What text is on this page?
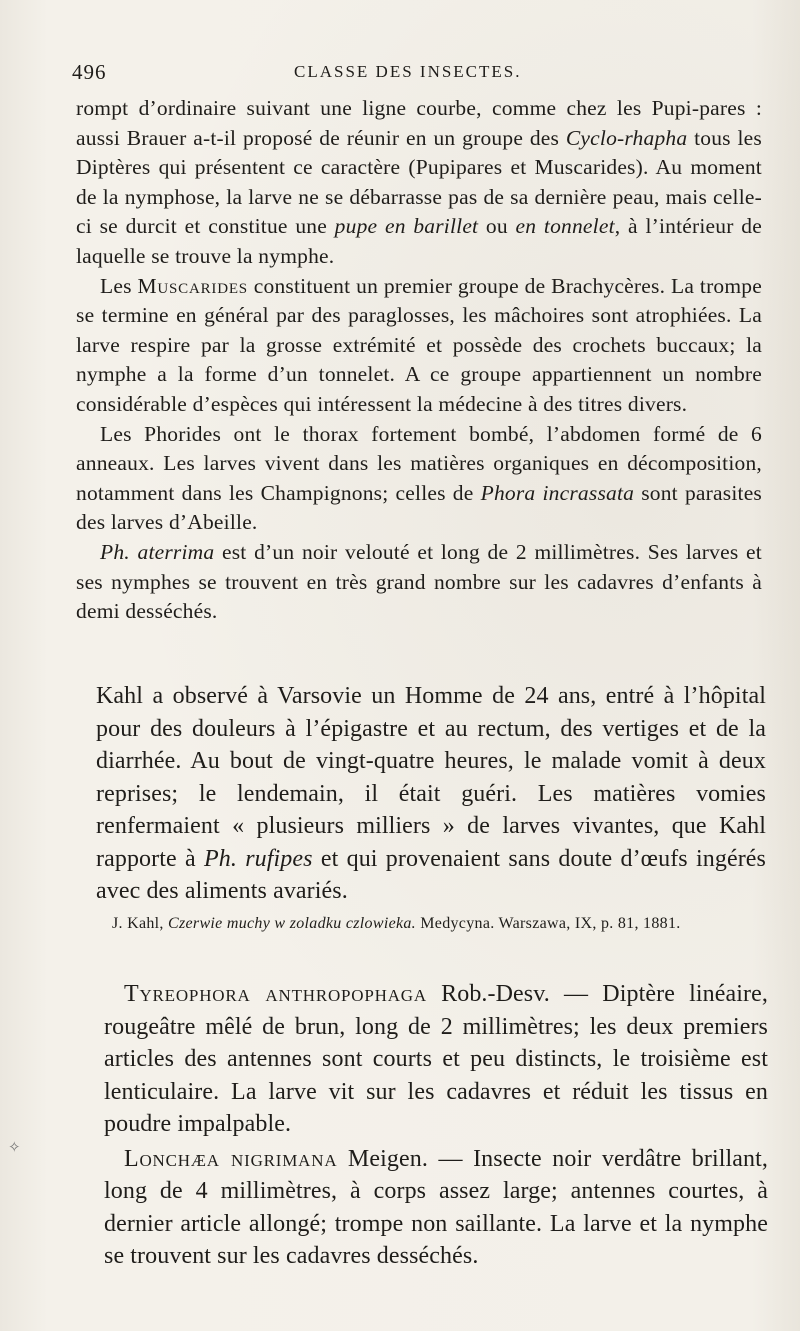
496	CLASSE DES INSECTES.

rompt d’ordinaire suivant une ligne courbe, comme chez les Pupi-pares : aussi Brauer a-t-il proposé de réunir en un groupe des Cyclo-rhapha tous les Diptères qui présentent ce caractère (Pupipares et Muscarides). Au moment de la nymphose, la larve ne se débarrasse pas de sa dernière peau, mais celle-ci se durcit et constitue une pupe en barillet ou en tonnelet, à l’intérieur de laquelle se trouve la nymphe.

Les Muscarides constituent un premier groupe de Brachycères. La trompe se termine en général par des paraglosses, les mâchoires sont atrophiées. La larve respire par la grosse extrémité et possède des crochets buccaux; la nymphe a la forme d’un tonnelet. A ce groupe appartiennent un nombre considérable d’espèces qui intéressent la médecine à des titres divers.

Les Phorides ont le thorax fortement bombé, l’abdomen formé de 6 anneaux. Les larves vivent dans les matières organiques en décomposition, notamment dans les Champignons; celles de Phora incrassata sont parasites des larves d’Abeille.

Ph. aterrima est d’un noir velouté et long de 2 millimètres. Ses larves et ses nymphes se trouvent en très grand nombre sur les cadavres d’enfants à demi desséchés.

Kahl a observé à Varsovie un Homme de 24 ans, entré à l’hôpital pour des douleurs à l’épigastre et au rectum, des vertiges et de la diarrhée. Au bout de vingt-quatre heures, le malade vomit à deux reprises; le lendemain, il était guéri. Les matières vomies renfermaient « plusieurs milliers » de larves vivantes, que Kahl rapporte à Ph. rufipes et qui provenaient sans doute d’œufs ingérés avec des aliments avariés.

J. Kahl, Czerwie muchy w zoladku czlowieka. Medycyna. Warszawa, IX, p. 81, 1881.

Tyreophora anthropophaga Rob.-Desv. — Diptère linéaire, rougeâtre mêlé de brun, long de 2 millimètres; les deux premiers articles des antennes sont courts et peu distincts, le troisième est lenticulaire. La larve vit sur les cadavres et réduit les tissus en poudre impalpable.

Lonchæa nigrimana Meigen. — Insecte noir verdâtre brillant, long de 4 millimètres, à corps assez large; antennes courtes, à dernier article allongé; trompe non saillante. La larve et la nymphe se trouvent sur les cadavres desséchés.

✧
